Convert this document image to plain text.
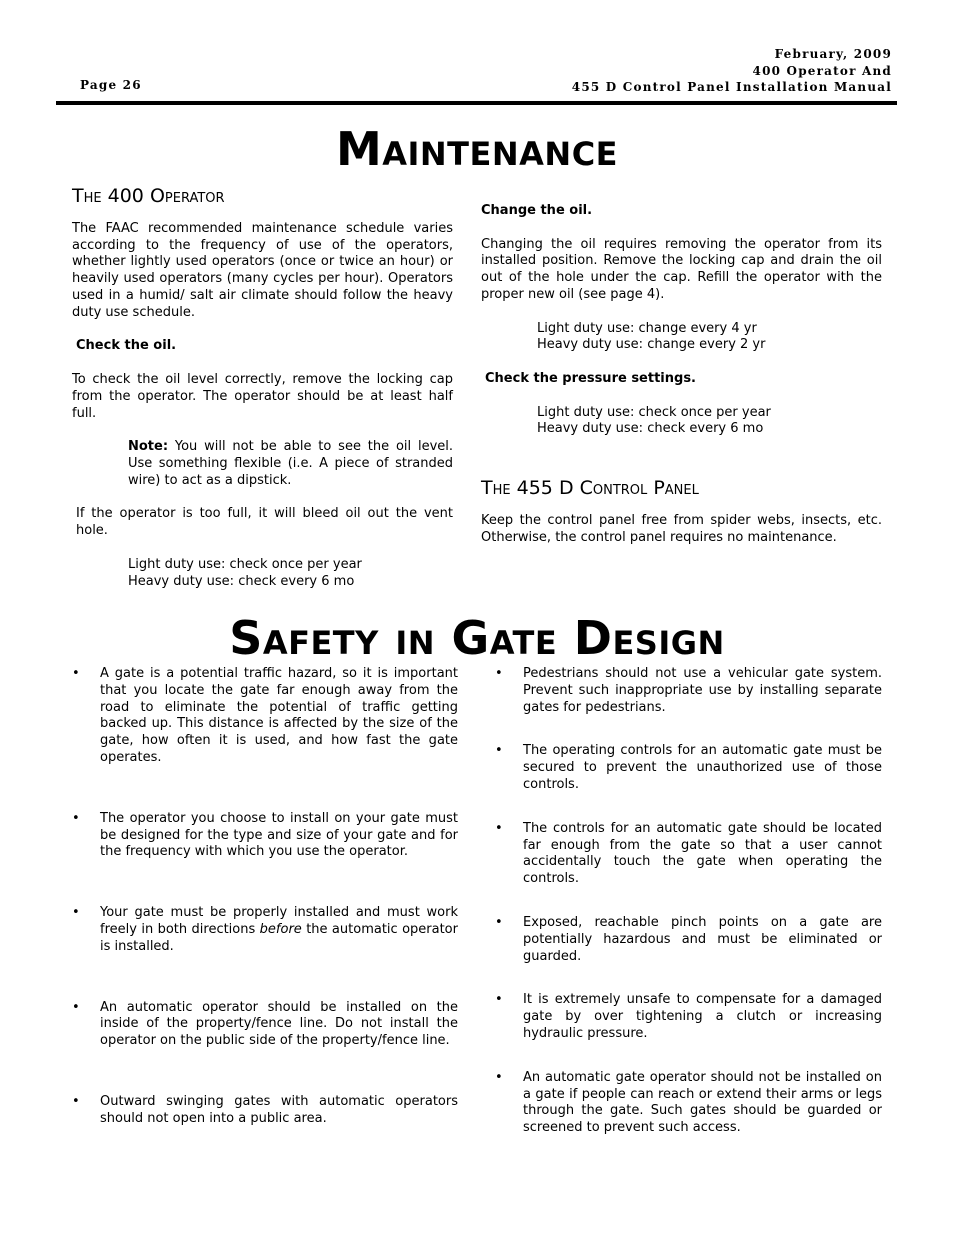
Page 26
February, 2009
400 Operator And
455 D Control Panel Installation Manual
Maintenance
The 400 Operator
The FAAC recommended maintenance schedule varies according to the frequency of use of the operators, whether lightly used operators (once or twice an hour) or heavily used operators (many cycles per hour). Operators used in a humid/ salt air climate should follow the heavy duty use schedule.
Check the oil.
To check the oil level correctly, remove the locking cap from the operator. The operator should be at least half full.
Note: You will not be able to see the oil level. Use something flexible (i.e. A piece of stranded wire) to act as a dipstick.
If the operator is too full, it will bleed oil out the vent hole.
Light duty use: check once per year
Heavy duty use: check every 6 mo
Change the oil.
Changing the oil requires removing the operator from its installed position. Remove the locking cap and drain the oil out of the hole under the cap. Refill the operator with the proper new oil (see page 4).
Light duty use: change every 4 yr
Heavy duty use: change every 2 yr
Check the pressure settings.
Light duty use: check once per year
Heavy duty use: check every 6 mo
The 455 D Control Panel
Keep the control panel free from spider webs, insects, etc. Otherwise, the control panel requires no maintenance.
Safety in Gate Design
• A gate is a potential traffic hazard, so it is important that you locate the gate far enough away from the road to eliminate the potential of traffic getting backed up. This distance is affected by the size of the gate, how often it is used, and how fast the gate operates.
• The operator you choose to install on your gate must be designed for the type and size of your gate and for the frequency with which you use the operator.
• Your gate must be properly installed and must work freely in both directions before the automatic operator is installed.
• An automatic operator should be installed on the inside of the property/fence line. Do not install the operator on the public side of the property/fence line.
• Outward swinging gates with automatic operators should not open into a public area.
• Pedestrians should not use a vehicular gate system. Prevent such inappropriate use by installing separate gates for pedestrians.
• The operating controls for an automatic gate must be secured to prevent the unauthorized use of those controls.
• The controls for an automatic gate should be located far enough from the gate so that a user cannot accidentally touch the gate when operating the controls.
• Exposed, reachable pinch points on a gate are potentially hazardous and must be eliminated or guarded.
• It is extremely unsafe to compensate for a damaged gate by over tightening a clutch or increasing hydraulic pressure.
• An automatic gate operator should not be installed on a gate if people can reach or extend their arms or legs through the gate. Such gates should be guarded or screened to prevent such access.
